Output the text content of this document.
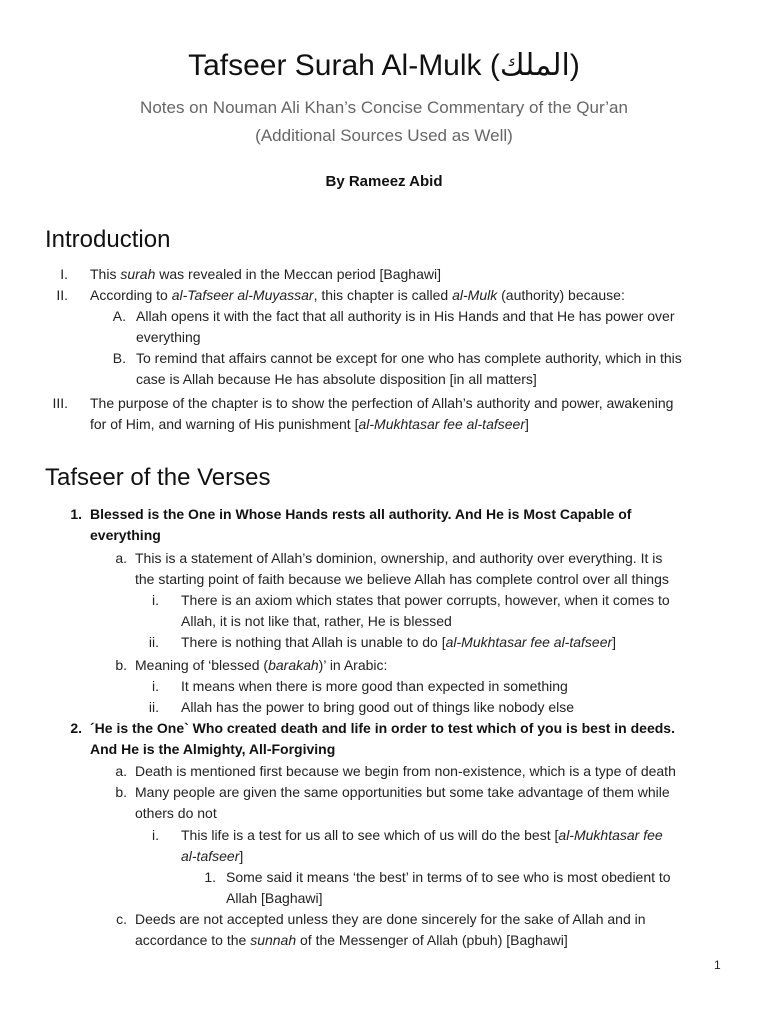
Tafseer Surah Al-Mulk (الملك)
Notes on Nouman Ali Khan’s Concise Commentary of the Qur’an
(Additional Sources Used as Well)
By Rameez Abid
Introduction
I. This surah was revealed in the Meccan period [Baghawi]
II. According to al-Tafseer al-Muyassar, this chapter is called al-Mulk (authority) because:
A. Allah opens it with the fact that all authority is in His Hands and that He has power over
everything
B. To remind that affairs cannot be except for one who has complete authority, which in this
case is Allah because He has absolute disposition [in all matters]
III. The purpose of the chapter is to show the perfection of Allah’s authority and power, awakening
for of Him, and warning of His punishment [al-Mukhtasar fee al-tafseer]
Tafseer of the Verses
1. Blessed is the One in Whose Hands rests all authority. And He is Most Capable of
everything
a. This is a statement of Allah’s dominion, ownership, and authority over everything. It is
the starting point of faith because we believe Allah has complete control over all things
i. There is an axiom which states that power corrupts, however, when it comes to
Allah, it is not like that, rather, He is blessed
ii. There is nothing that Allah is unable to do [al-Mukhtasar fee al-tafseer]
b. Meaning of ‘blessed (barakah)’ in Arabic:
i. It means when there is more good than expected in something
ii. Allah has the power to bring good out of things like nobody else
2. ´He is the One` Who created death and life in order to test which of you is best in deeds.
And He is the Almighty, All-Forgiving
a. Death is mentioned first because we begin from non-existence, which is a type of death
b. Many people are given the same opportunities but some take advantage of them while
others do not
i. This life is a test for us all to see which of us will do the best [al-Mukhtasar fee
al-tafseer]
1. Some said it means ‘the best’ in terms of to see who is most obedient to
Allah [Baghawi]
c. Deeds are not accepted unless they are done sincerely for the sake of Allah and in
accordance to the sunnah of the Messenger of Allah (pbuh) [Baghawi]
1
